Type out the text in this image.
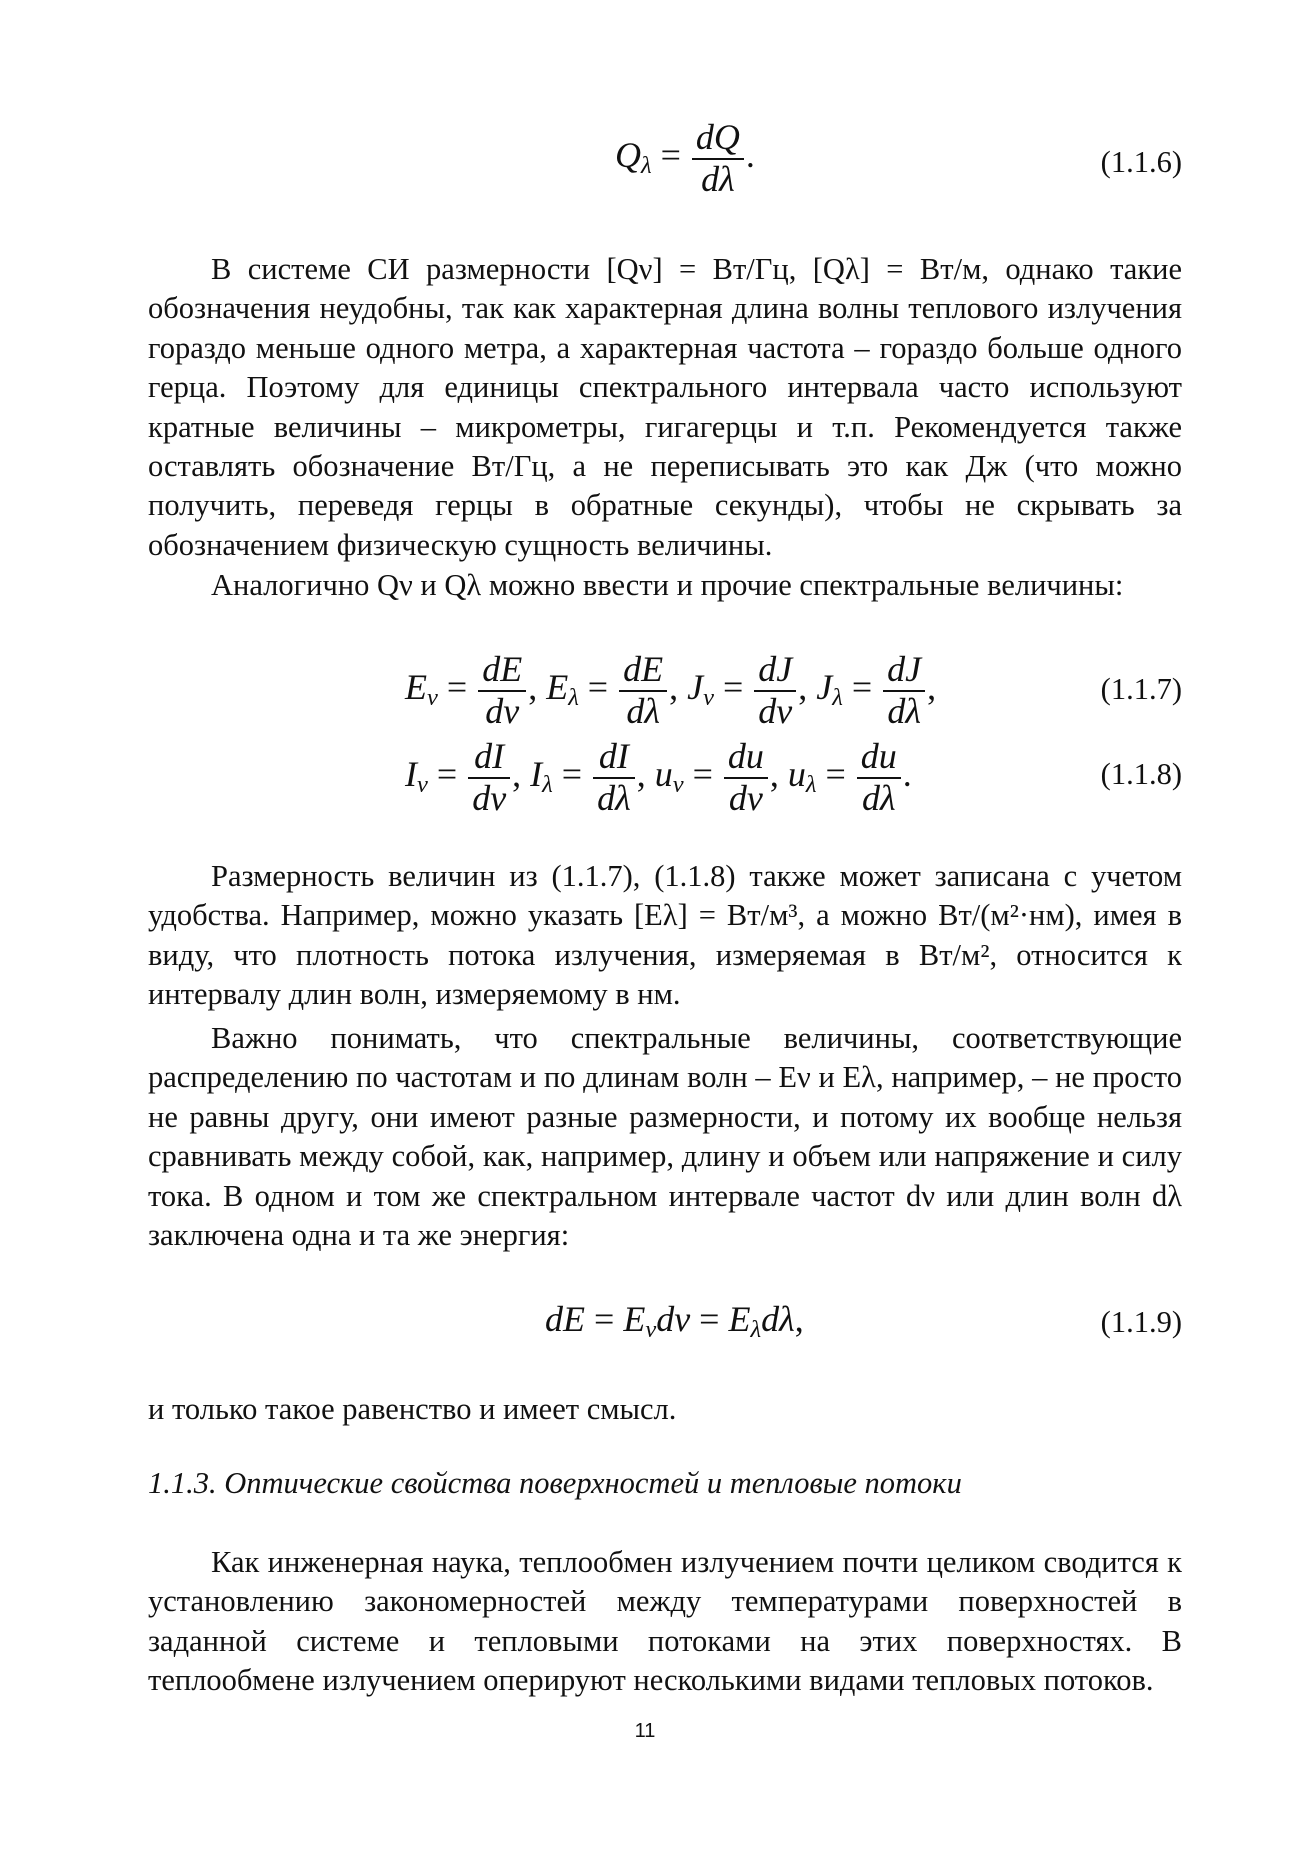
$Q_\lambda = \frac{dQ}{d\lambda}$ .	(1.1.6)

В системе СИ размерности [Qν] = Вт/Гц, [Qλ] = Вт/м, однако такие обозначения неудобны, так как характерная длина волны теплового излучения гораздо меньше одного метра, а характерная частота – гораздо больше одного герца. Поэтому для единицы спектрального интервала часто используют кратные величины – микрометры, гигагерцы и т.п. Рекомендуется также оставлять обозначение Вт/Гц, а не переписывать это как Дж (что можно получить, переведя герцы в обратные секунды), чтобы не скрывать за обозначением физическую сущность величины.

Аналогично Qν и Qλ можно ввести и прочие спектральные величины:

$E_\nu = \frac{dE}{d\nu}$ , $E_\lambda = \frac{dE}{d\lambda}$ , $J_\nu = \frac{dJ}{d\nu}$ , $J_\lambda = \frac{dJ}{d\lambda}$ ,	(1.1.7)
$I_\nu = \frac{dI}{d\nu}$ , $I_\lambda = \frac{dI}{d\lambda}$ , $u_\nu = \frac{du}{d\nu}$ , $u_\lambda = \frac{du}{d\lambda}$ .	(1.1.8)

Размерность величин из (1.1.7), (1.1.8) также может записана с учетом удобства. Например, можно указать [Eλ] = Вт/м³, а можно Вт/(м²·нм), имея в виду, что плотность потока излучения, измеряемая в Вт/м², относится к интервалу длин волн, измеряемому в нм.

Важно понимать, что спектральные величины, соответствующие распределению по частотам и по длинам волн – Eν и Eλ, например, – не просто не равны другу, они имеют разные размерности, и потому их вообще нельзя сравнивать между собой, как, например, длину и объем или напряжение и силу тока. В одном и том же спектральном интервале частот dν или длин волн dλ заключена одна и та же энергия:

dE = $E_\nu d\nu = E_\lambda d\lambda$,	(1.1.9)

и только такое равенство и имеет смысл.

1.1.3. Оптические свойства поверхностей и тепловые потоки

Как инженерная наука, теплообмен излучением почти целиком сводится к установлению закономерностей между температурами поверхностей в заданной системе и тепловыми потоками на этих поверхностях. В теплообмене излучением оперируют несколькими видами тепловых потоков.

11
